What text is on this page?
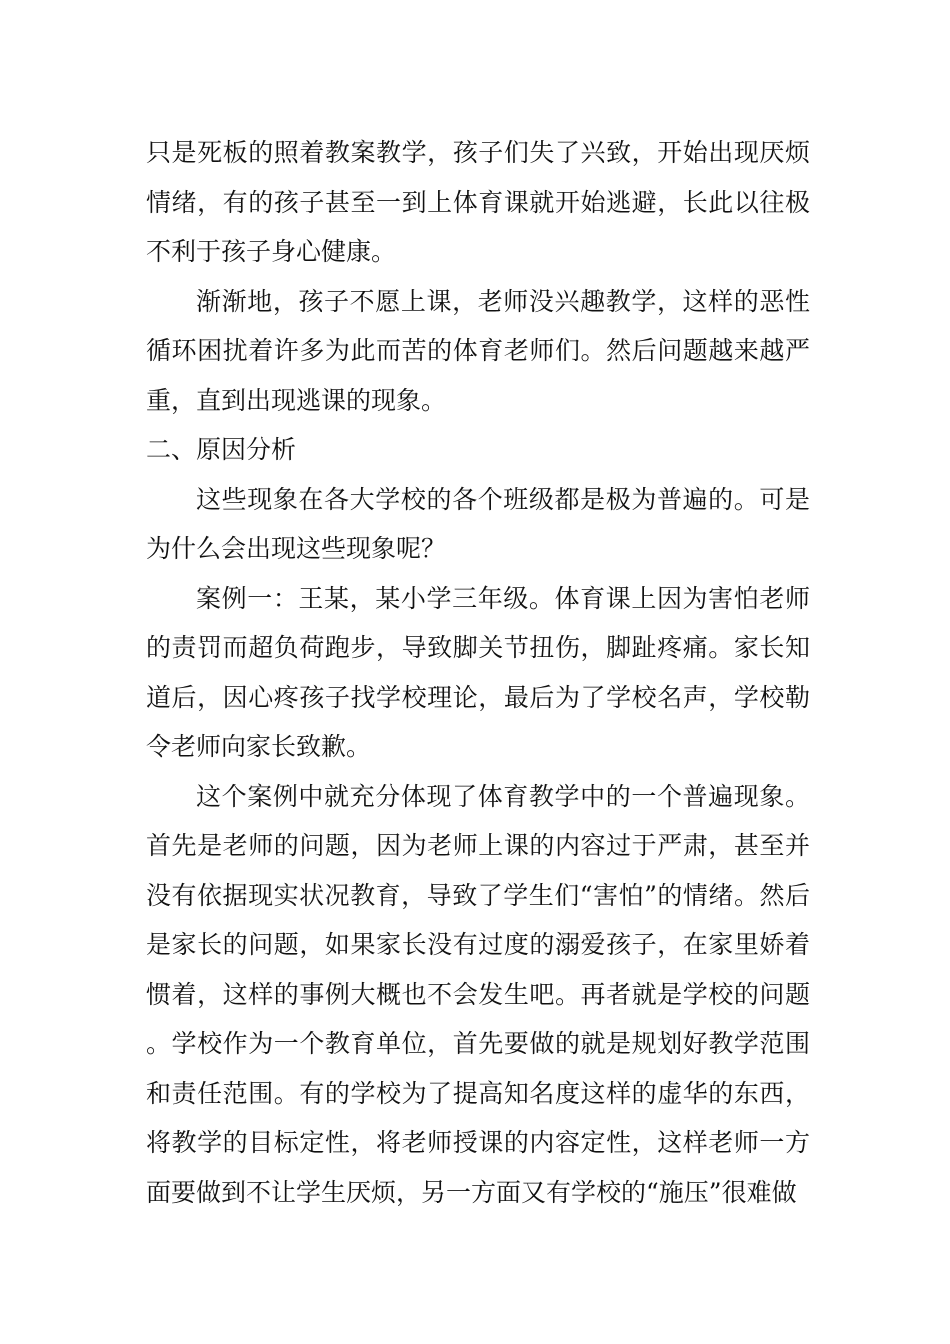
只是死板的照着教案教学，孩子们失了兴致，开始出现厌烦情绪，有的孩子甚至一到上体育课就开始逃避，长此以往极不利于孩子身心健康。

渐渐地，孩子不愿上课，老师没兴趣教学，这样的恶性循环困扰着许多为此而苦的体育老师们。然后问题越来越严重，直到出现逃课的现象。

二、原因分析

这些现象在各大学校的各个班级都是极为普遍的。可是为什么会出现这些现象呢？

案例一：王某，某小学三年级。体育课上因为害怕老师的责罚而超负荷跑步，导致脚关节扭伤，脚趾疼痛。家长知道后，因心疼孩子找学校理论，最后为了学校名声，学校勒令老师向家长致歉。

这个案例中就充分体现了体育教学中的一个普遍现象。首先是老师的问题，因为老师上课的内容过于严肃，甚至并没有依据现实状况教育，导致了学生们“害怕”的情绪。然后是家长的问题，如果家长没有过度的溺爱孩子，在家里娇着惯着，这样的事例大概也不会发生吧。再者就是学校的问题。学校作为一个教育单位，首先要做的就是规划好教学范围和责任范围。有的学校为了提高知名度这样的虚华的东西，将教学的目标定性，将老师授课的内容定性，这样老师一方面要做到不让学生厌烦，另一方面又有学校的“施压”很难做
